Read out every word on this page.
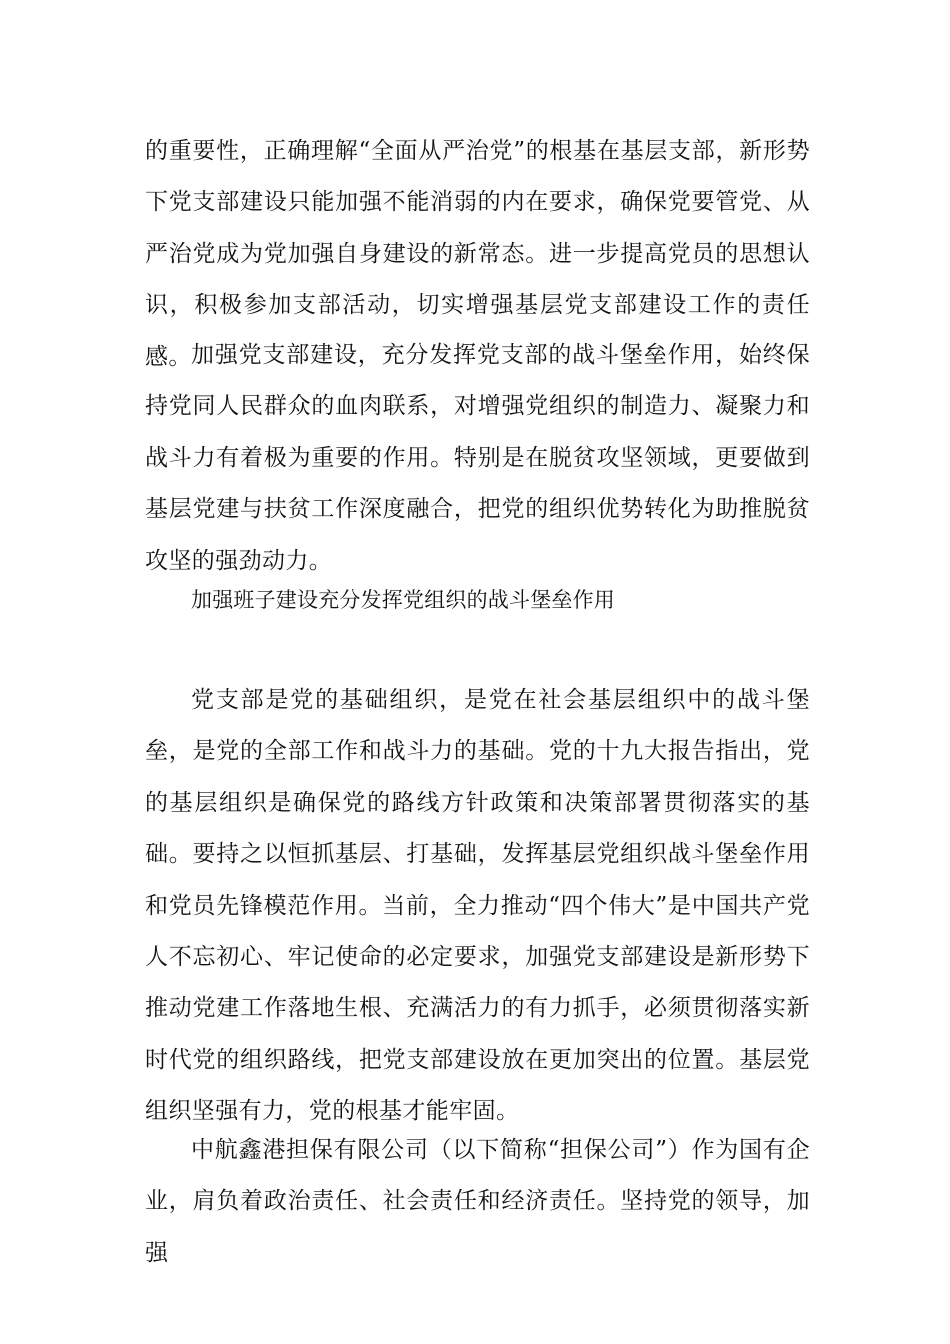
的重要性，正确理解“全面从严治党”的根基在基层支部，新形势下党支部建设只能加强不能消弱的内在要求，确保党要管党、从严治党成为党加强自身建设的新常态。进一步提高党员的思想认识，积极参加支部活动，切实增强基层党支部建设工作的责任感。 加强党支部建设，充分发挥党支部的战斗堡垒作用，始终保持党同人民群众的血肉联系，对增强党组织的制造力、凝聚力和战斗力有着极为重要的作用。特别是在脱贫攻坚领域，更要做到基层党建与扶贫工作深度融合，把党的组织优势转化为助推脱贫攻坚的强劲动力。

加强班子建设充分发挥党组织的战斗堡垒作用

党支部是党的基础组织，是党在社会基层组织中的战斗堡垒，是党的全部工作和战斗力的基础。党的十九大报告指出，党的基层组织是确保党的路线方针政策和决策部署贯彻落实的基础。要持之以恒抓基层、打基础，发挥基层党组织战斗堡垒作用和党员先锋模范作用。当前，全力推动“四个伟大”是中国共产党人不忘初心、牢记使命的必定要求，加强党支部建设是新形势下推动党建工作落地生根、充满活力的有力抓手，必须贯彻落实新时代党的组织路线，把党支部建设放在更加突出的位置。基层党组织坚强有力，党的根基才能牢固。

中航鑫港担保有限公司（以下简称“担保公司”）作为国有企业，肩负着政治责任、社会责任和经济责任。坚持党的领导，加强
